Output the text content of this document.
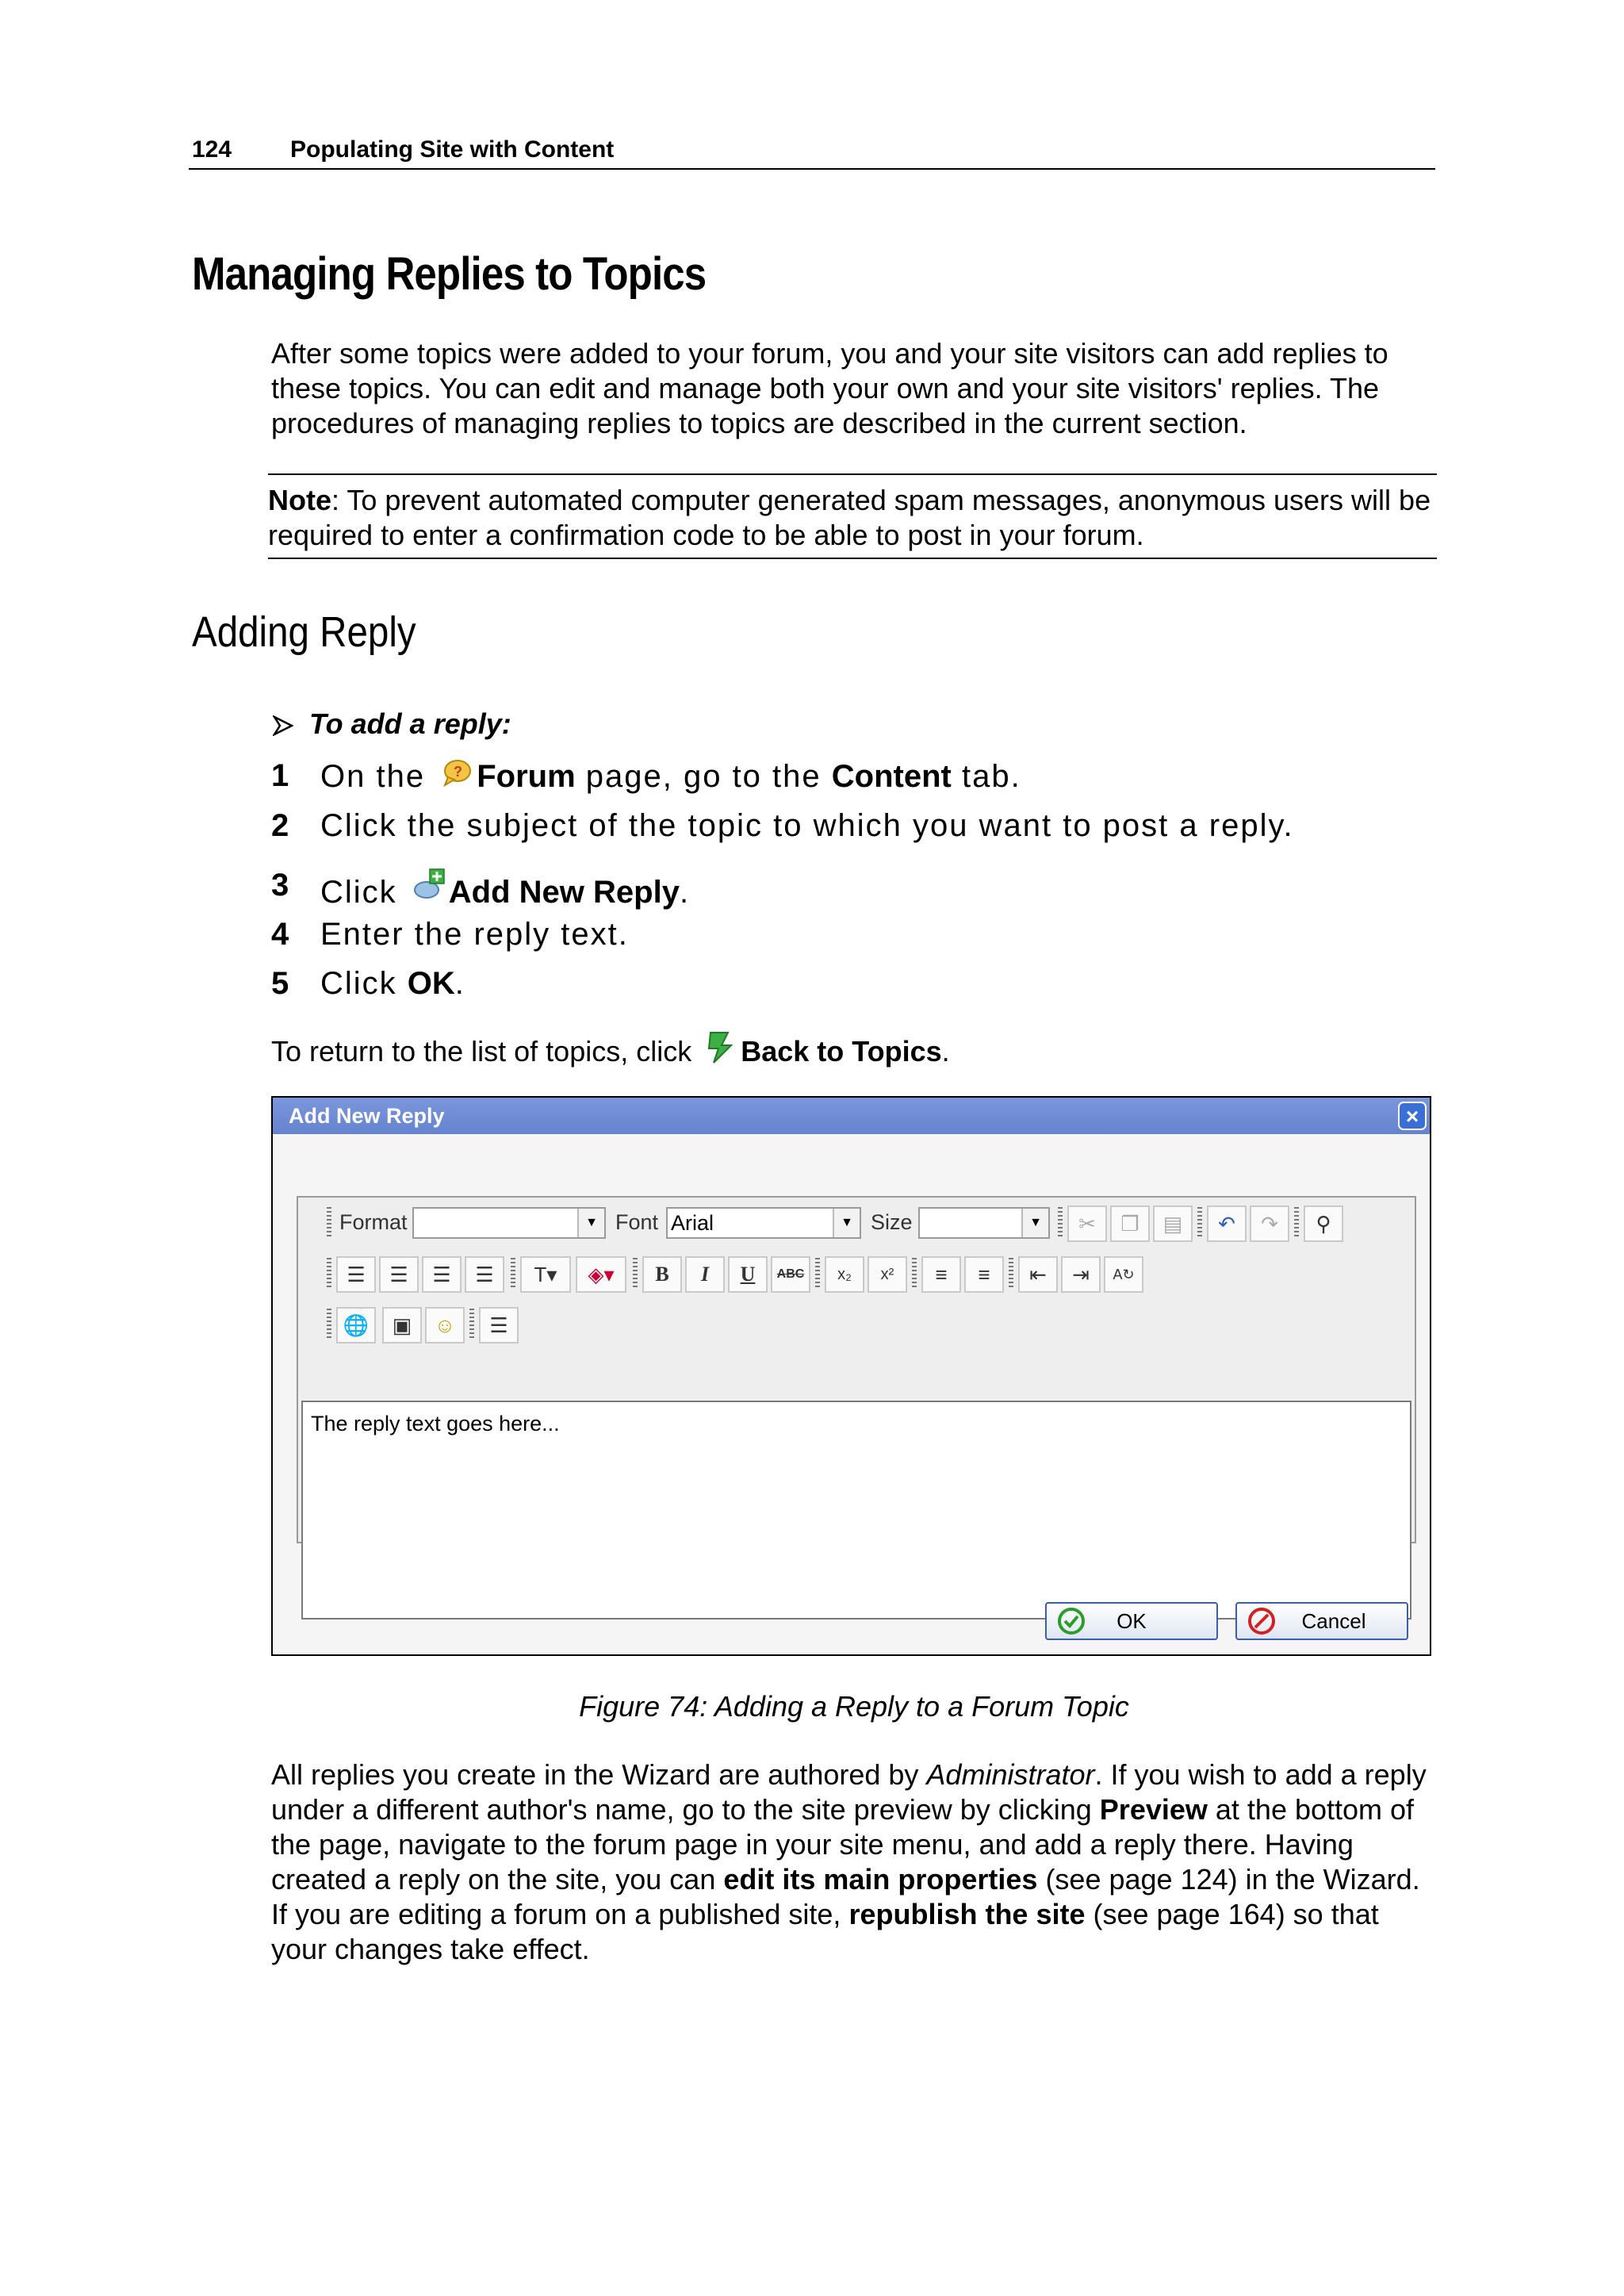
124 Populating Site with Content
Managing Replies to Topics

After some topics were added to your forum, you and your site visitors can add replies to these topics. You can edit and manage both your own and your site visitors' replies. The procedures of managing replies to topics are described in the current section.

Note: To prevent automated computer generated spam messages, anonymous users will be required to enter a confirmation code to be able to post in your forum.

Adding Reply
To add a reply:
1 On the ? Forum page, go to the Content tab.
2 Click the subject of the topic to which you want to post a reply.
3 Click Add New Reply.
4 Enter the reply text.
5 Click OK.
To return to the list of topics, click Back to Topics.
Add New Reply	×
Format	▼ Font Arial	▼ Size	▼	✂	❐	▤	↶	↷	⚲
☰	☰	☰	☰	T▾	◈▾	B	I	U	ABC	x₂	x²	≡	≡	⇤	⇥	A↻
🌐	▣	☺	☰
The reply text goes here...
OK	Cancel
Figure 74: Adding a Reply to a Forum Topic

All replies you create in the Wizard are authored by Administrator. If you wish to add a reply under a different author's name, go to the site preview by clicking Preview at the bottom of the page, navigate to the forum page in your site menu, and add a reply there. Having created a reply on the site, you can edit its main properties (see page 124) in the Wizard. If you are editing a forum on a published site, republish the site (see page 164) so that your changes take effect.
